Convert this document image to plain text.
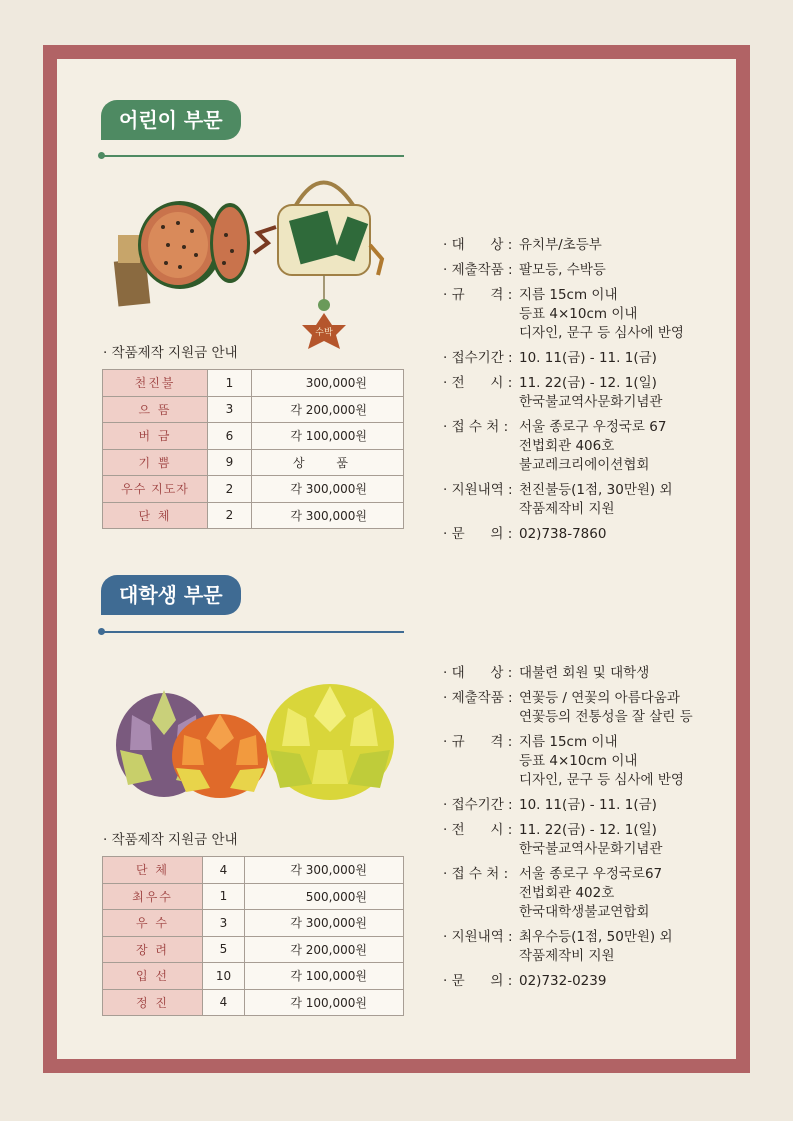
어린이 부문
수박
· 작품제작 지원금 안내
천진불	1	300,000원
으 뜸	3	각 200,000원
버 금	6	각 100,000원
기 쁨	9	상 품
우수 지도자	2	각 300,000원
단 체	2	각 300,000원
· 대      상 : 유치부/초등부
· 제출작품 : 팔모등, 수박등
· 규      격 : 지름 15cm 이내
등표 4×10cm 이내
디자인, 문구 등 심사에 반영
· 접수기간 : 10. 11(금) - 11. 1(금)
· 전      시 : 11. 22(금) - 12. 1(일)
한국불교역사문화기념관
· 접 수 처 : 서울 종로구 우정국로 67
전법회관 406호
불교레크리에이션협회
· 지원내역 : 천진불등(1점, 30만원) 외
작품제작비 지원
· 문      의 : 02)738-7860
대학생 부문
· 작품제작 지원금 안내
단 체	4	각 300,000원
최우수	1	500,000원
우 수	3	각 300,000원
장 려	5	각 200,000원
입 선	10	각 100,000원
정 진	4	각 100,000원
· 대      상 : 대불련 회원 및 대학생
· 제출작품 : 연꽃등 / 연꽃의 아름다움과
연꽃등의 전통성을 잘 살린 등
· 규      격 : 지름 15cm 이내
등표 4×10cm 이내
디자인, 문구 등 심사에 반영
· 접수기간 : 10. 11(금) - 11. 1(금)
· 전      시 : 11. 22(금) - 12. 1(일)
한국불교역사문화기념관
· 접 수 처 : 서울 종로구 우정국로67
전법회관 402호
한국대학생불교연합회
· 지원내역 : 최우수등(1점, 50만원) 외
작품제작비 지원
· 문      의 : 02)732-0239
